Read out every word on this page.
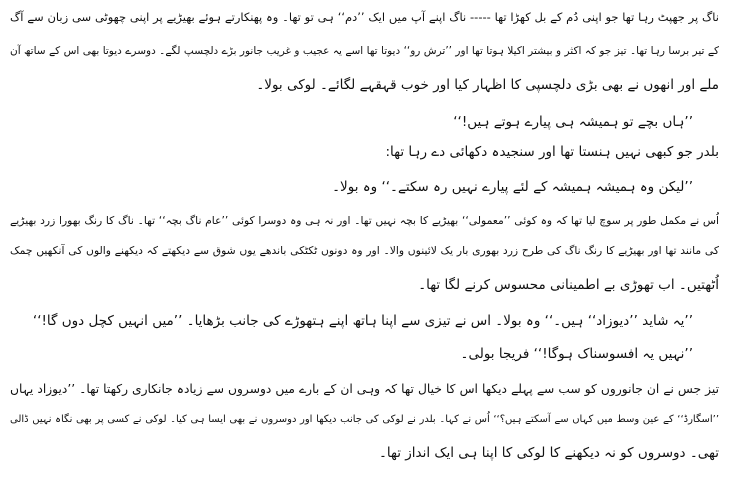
ناگ پر جھپٹ رہا تھا جو اپنی دُم کے بل کھڑا تھا ----- ناگ اپنے آپ میں ایک ’’دم‘‘ ہی تو تھا۔ وہ پھنکارتے ہوئے بھیڑیے پر اپنی چھوٹی سی زبان سے آگ
کے تیر برسا رہا تھا۔ تیز جو کہ اکثر و بیشتر اکیلا ہوتا تھا اور ’’ترش رو‘‘ دیوتا تھا اسے یہ عجیب و غریب جانور بڑے دلچسپ لگے۔ دوسرے دیوتا بھی اس کے ساتھ آن
ملے اور انھوں نے بھی بڑی دلچسپی کا اظہار کیا اور خوب قہقہے لگائے۔ لوکی بولا۔
’’ہاں بچے تو ہمیشہ ہی پیارے ہوتے ہیں!‘‘
بلدر جو کبھی نہیں ہنستا تھا اور سنجیدہ دکھائی دے رہا تھا:
’’لیکن وہ ہمیشہ ہمیشہ کے لئے پیارے نہیں رہ سکتے۔‘‘ وہ بولا۔
اُس نے مکمل طور پر سوچ لیا تھا کہ وہ کوئی ’’معمولی‘‘ بھیڑیے کا بچہ نہیں تھا۔ اور نہ ہی وہ دوسرا کوئی ’’عام ناگ بچہ‘‘ تھا۔ ناگ کا رنگ بھورا زرد بھیڑیے
کی مانند تھا اور بھیڑیے کا رنگ ناگ کی طرح زرد بھوری بار یک لائینوں والا۔ اور وہ دونوں ٹکٹکی باندھے یوں شوق سے دیکھتے کہ دیکھنے والوں کی آنکھیں چمک
اُٹھتیں۔ اب تھوڑی بے اطمینانی محسوس کرنے لگا تھا۔
’’یہ شاید ’’دیوزاد‘‘ ہیں۔‘‘ وہ بولا۔ اس نے تیزی سے اپنا ہاتھ اپنے ہتھوڑے کی جانب بڑھایا۔ ’’میں انہیں کچل دوں گا!‘‘
’’نہیں یہ افسوسناک ہوگا!‘‘ فریجا بولی۔
تیز جس نے ان جانوروں کو سب سے پہلے دیکھا اس کا خیال تھا کہ وہی ان کے بارے میں دوسروں سے زیادہ جانکاری رکھتا تھا۔ ’’دیوزاد یہاں
’’اسگارڈ‘‘ کے عین وسط میں کہاں سے آسکتے ہیں؟‘‘ اُس نے کہا۔ بلدر نے لوکی کی جانب دیکھا اور دوسروں نے بھی ایسا ہی کیا۔ لوکی نے کسی پر بھی نگاہ نہیں ڈالی
تھی۔ دوسروں کو نہ دیکھنے کا لوکی کا اپنا ہی ایک انداز تھا۔
